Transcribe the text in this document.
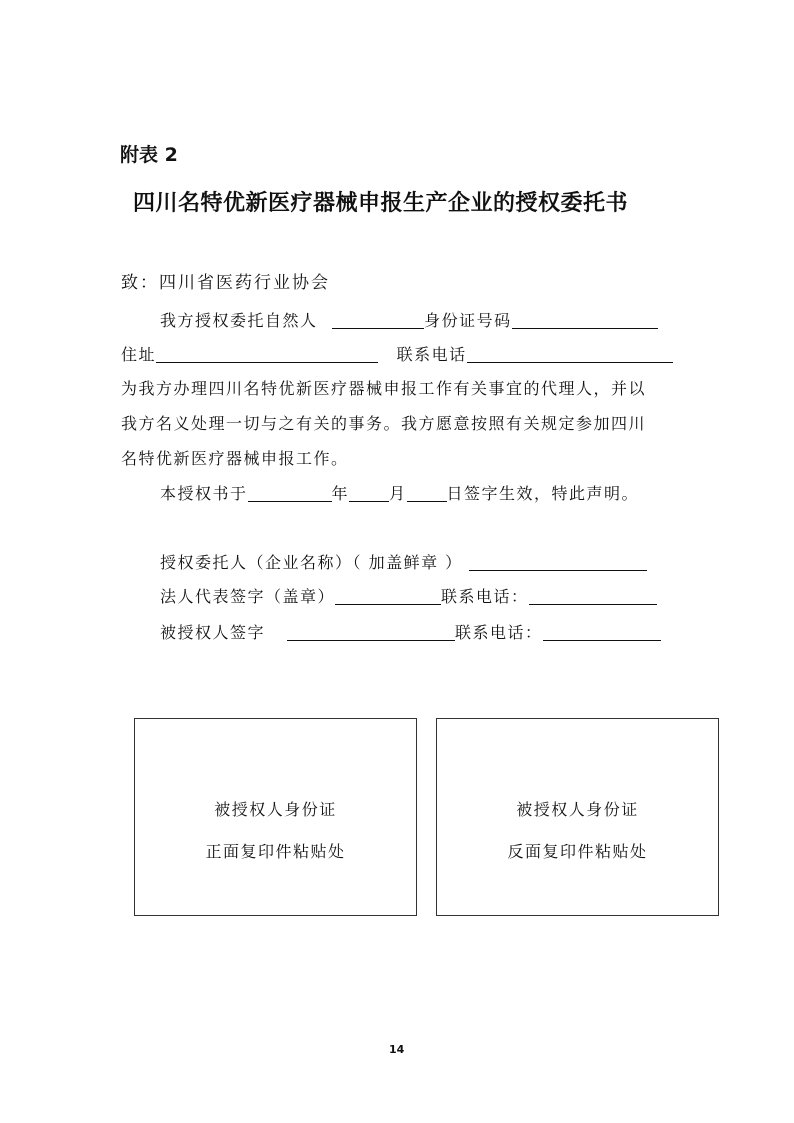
附表 2
四川名特优新医疗器械申报生产企业的授权委托书
致：四川省医药行业协会
我方授权委托自然人	身份证号码
住址	联系电话
为我方办理四川名特优新医疗器械申报工作有关事宜的代理人，并以
我方名义处理一切与之有关的事务。我方愿意按照有关规定参加四川
名特优新医疗器械申报工作。
本授权书于	年	月	日签字生效，特此声明。
授权委托人（企业名称）（ 加盖鲜章 ）
法人代表签字（盖章）	联系电话：
被授权人签字	联系电话：
被授权人身份证
正面复印件粘贴处
被授权人身份证
反面复印件粘贴处
14
